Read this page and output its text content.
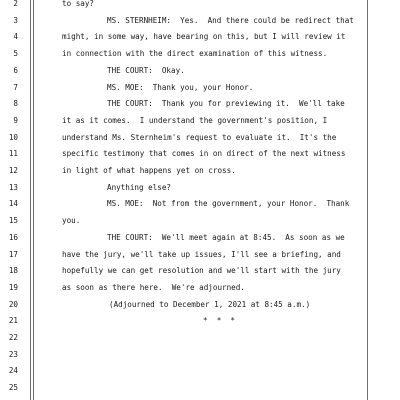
2	to say?
3	MS. STERNHEIM:  Yes.  And there could be redirect that
4	might, in some way, have bearing on this, but I will review it
5	in connection with the direct examination of this witness.
6	THE COURT:  Okay.
7	MS. MOE:  Thank you, your Honor.
8	THE COURT:  Thank you for previewing it.  We'll take
9	it as it comes.  I understand the government's position, I
10	understand Ms. Sternheim's request to evaluate it.  It's the
11	specific testimony that comes in on direct of the next witness
12	in light of what happens yet on cross.
13	Anything else?
14	MS. MOE:  Not from the government, your Honor.  Thank
15	you.
16	THE COURT:  We'll meet again at 8:45.  As soon as we
17	have the jury, we'll take up issues, I'll see a briefing, and
18	hopefully we can get resolution and we'll start with the jury
19	as soon as there here.  We're adjourned.
20	(Adjourned to December 1, 2021 at 8:45 a.m.)
21	*  *  *
22
23
24
25
